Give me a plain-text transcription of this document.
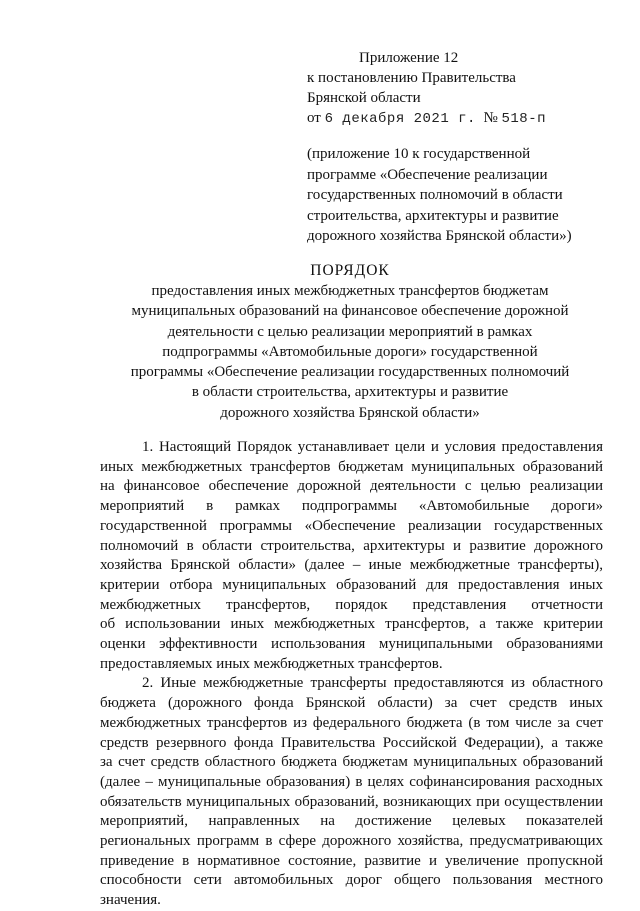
Приложение 12
к постановлению Правительства
Брянской области
от 6 декабря 2021 г. № 518-п
(приложение 10 к государственной
программе «Обеспечение реализации
государственных полномочий в области
строительства, архитектуры и развитие
дорожного хозяйства Брянской области»)
ПОРЯДОК
предоставления иных межбюджетных трансфертов бюджетам
муниципальных образований на финансовое обеспечение дорожной
деятельности с целью реализации мероприятий в рамках
подпрограммы «Автомобильные дороги» государственной
программы «Обеспечение реализации государственных полномочий
в области строительства, архитектуры и развитие
дорожного хозяйства Брянской области»
1. Настоящий Порядок устанавливает цели и условия предоставления
иных межбюджетных трансфертов бюджетам муниципальных образований
на финансовое обеспечение дорожной деятельности с целью реализации
мероприятий в рамках подпрограммы «Автомобильные дороги»
государственной программы «Обеспечение реализации государственных
полномочий в области строительства, архитектуры и развитие дорожного
хозяйства Брянской области» (далее – иные межбюджетные трансферты),
критерии отбора муниципальных образований для предоставления иных
межбюджетных трансфертов, порядок представления отчетности
об использовании иных межбюджетных трансфертов, а также критерии
оценки эффективности использования муниципальными образованиями
предоставляемых иных межбюджетных трансфертов.
2. Иные межбюджетные трансферты предоставляются из областного
бюджета (дорожного фонда Брянской области) за счет средств иных
межбюджетных трансфертов из федерального бюджета (в том числе за счет
средств резервного фонда Правительства Российской Федерации), а также
за счет средств областного бюджета бюджетам муниципальных образований
(далее – муниципальные образования) в целях софинансирования расходных
обязательств муниципальных образований, возникающих при осуществлении
мероприятий, направленных на достижение целевых показателей
региональных программ в сфере дорожного хозяйства, предусматривающих
приведение в нормативное состояние, развитие и увеличение пропускной
способности сети автомобильных дорог общего пользования местного
значения.
